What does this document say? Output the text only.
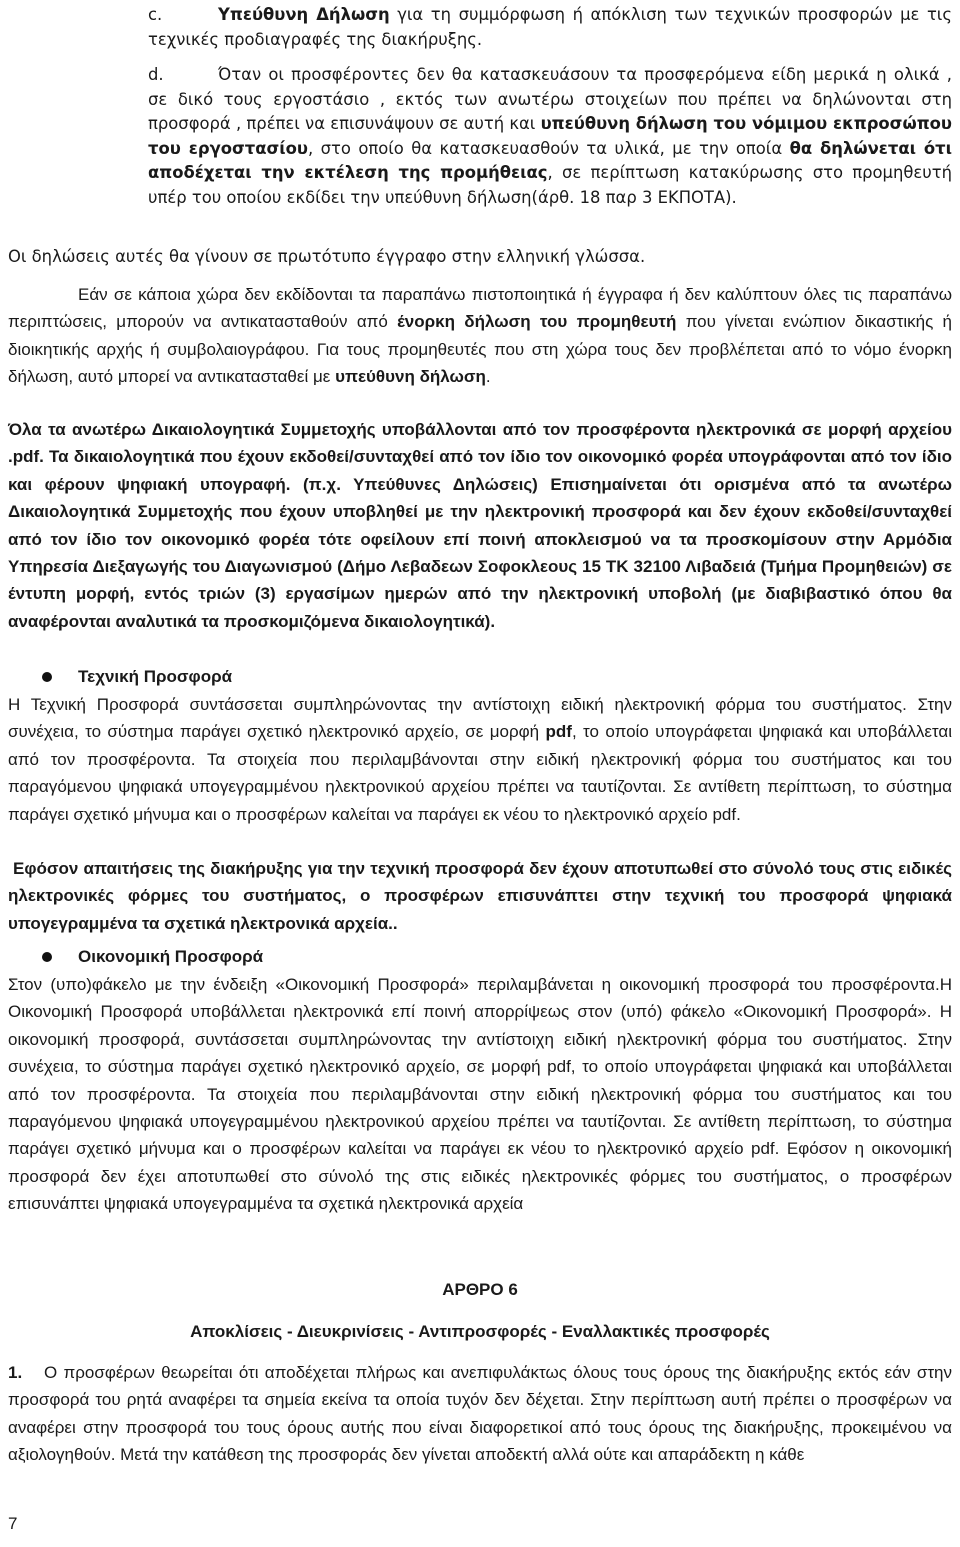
c.	Υπεύθυνη Δήλωση για τη συμμόρφωση ή απόκλιση των τεχνικών προσφορών με τις τεχνικές προδιαγραφές της διακήρυξης.
d.	Όταν οι προσφέροντες δεν θα κατασκευάσουν τα προσφερόμενα είδη μερικά η ολικά , σε δικό τους εργοστάσιο , εκτός των ανωτέρω στοιχείων που πρέπει να δηλώνονται στη προσφορά , πρέπει να επισυνάψουν σε αυτή και υπεύθυνη δήλωση του νόμιμου εκπροσώπου του εργοστασίου, στο οποίο θα κατασκευασθούν τα υλικά, με την οποία θα δηλώνεται ότι αποδέχεται την εκτέλεση της προμήθειας, σε περίπτωση κατακύρωσης στο προμηθευτή υπέρ του οποίου εκδίδει την υπεύθυνη δήλωση(άρθ. 18 παρ 3 ΕΚΠΟΤΑ).
Οι δηλώσεις αυτές θα γίνουν σε πρωτότυπο έγγραφο στην ελληνική γλώσσα.
Εάν σε κάποια χώρα δεν εκδίδονται τα παραπάνω πιστοποιητικά ή έγγραφα ή δεν καλύπτουν όλες τις παραπάνω περιπτώσεις, μπορούν να αντικατασταθούν από ένορκη δήλωση του προμηθευτή που γίνεται ενώπιον δικαστικής ή διοικητικής αρχής ή συμβολαιογράφου. Για τους προμηθευτές που στη χώρα τους δεν προβλέπεται από το νόμο ένορκη δήλωση, αυτό μπορεί να αντικατασταθεί με υπεύθυνη δήλωση.
Όλα τα ανωτέρω Δικαιολογητικά Συμμετοχής υποβάλλονται από τον προσφέροντα ηλεκτρονικά σε μορφή αρχείου .pdf. Τα δικαιολογητικά που έχουν εκδοθεί/συνταχθεί από τον ίδιο τον οικονομικό φορέα υπογράφονται από τον ίδιο και φέρουν ψηφιακή υπογραφή. (π.χ. Υπεύθυνες Δηλώσεις) Επισημαίνεται ότι ορισμένα από τα ανωτέρω Δικαιολογητικά Συμμετοχής που έχουν υποβληθεί με την ηλεκτρονική προσφορά και δεν έχουν εκδοθεί/συνταχθεί από τον ίδιο τον οικονομικό φορέα τότε οφείλουν επί ποινή αποκλεισμού να τα προσκομίσουν στην Αρμόδια Υπηρεσία Διεξαγωγής του Διαγωνισμού (Δήμο Λεβαδεων Σοφοκλεους 15 ΤΚ 32100 Λιβαδειά (Τμήμα Προμηθειών) σε έντυπη μορφή, εντός τριών (3) εργασίμων ημερών από την ηλεκτρονική υποβολή (με διαβιβαστικό όπου θα αναφέρονται αναλυτικά τα προσκομιζόμενα δικαιολογητικά).
Τεχνική Προσφορά
Η Τεχνική Προσφορά συντάσσεται συμπληρώνοντας την αντίστοιχη ειδική ηλεκτρονική φόρμα του συστήματος. Στην συνέχεια, το σύστημα παράγει σχετικό ηλεκτρονικό αρχείο, σε μορφή pdf, το οποίο υπογράφεται ψηφιακά και υποβάλλεται από τον προσφέροντα. Τα στοιχεία που περιλαμβάνονται στην ειδική ηλεκτρονική φόρμα του συστήματος και του παραγόμενου ψηφιακά υπογεγραμμένου ηλεκτρονικού αρχείου πρέπει να ταυτίζονται. Σε αντίθετη περίπτωση, το σύστημα παράγει σχετικό μήνυμα και ο προσφέρων καλείται να παράγει εκ νέου το ηλεκτρονικό αρχείο pdf.
Εφόσον απαιτήσεις της διακήρυξης για την τεχνική προσφορά δεν έχουν αποτυπωθεί στο σύνολό τους στις ειδικές ηλεκτρονικές φόρμες του συστήματος, ο προσφέρων επισυνάπτει στην τεχνική του προσφορά ψηφιακά υπογεγραμμένα τα σχετικά ηλεκτρονικά αρχεία..
Οικονομική Προσφορά
Στον (υπο)φάκελο με την ένδειξη «Οικονομική Προσφορά» περιλαμβάνεται η οικονομική προσφορά του προσφέροντα.Η Οικονομική Προσφορά υποβάλλεται ηλεκτρονικά επί ποινή απορρίψεως στον (υπό) φάκελο «Οικονομική Προσφορά». Η οικονομική προσφορά, συντάσσεται συμπληρώνοντας την αντίστοιχη ειδική ηλεκτρονική φόρμα του συστήματος. Στην συνέχεια, το σύστημα παράγει σχετικό ηλεκτρονικό αρχείο, σε μορφή pdf, το οποίο υπογράφεται ψηφιακά και υποβάλλεται από τον προσφέροντα. Τα στοιχεία που περιλαμβάνονται στην ειδική ηλεκτρονική φόρμα του συστήματος και του παραγόμενου ψηφιακά υπογεγραμμένου ηλεκτρονικού αρχείου πρέπει να ταυτίζονται. Σε αντίθετη περίπτωση, το σύστημα παράγει σχετικό μήνυμα και ο προσφέρων καλείται να παράγει εκ νέου το ηλεκτρονικό αρχείο pdf. Εφόσον η οικονομική προσφορά δεν έχει αποτυπωθεί στο σύνολό της στις ειδικές ηλεκτρονικές φόρμες του συστήματος, ο προσφέρων επισυνάπτει ψηφιακά υπογεγραμμένα τα σχετικά ηλεκτρονικά αρχεία
ΑΡΘΡΟ 6
Αποκλίσεις - Διευκρινίσεις - Αντιπροσφορές - Εναλλακτικές προσφορές
1.	Ο προσφέρων θεωρείται ότι αποδέχεται πλήρως και ανεπιφυλάκτως όλους τους όρους της διακήρυξης εκτός εάν στην προσφορά του ρητά αναφέρει τα σημεία εκείνα τα οποία τυχόν δεν δέχεται. Στην περίπτωση αυτή πρέπει ο προσφέρων να αναφέρει στην προσφορά του τους όρους αυτής που είναι διαφορετικοί από τους όρους της διακήρυξης, προκειμένου να αξιολογηθούν. Μετά την κατάθεση της προσφοράς δεν γίνεται αποδεκτή αλλά ούτε και απαράδεκτη η κάθε
7
